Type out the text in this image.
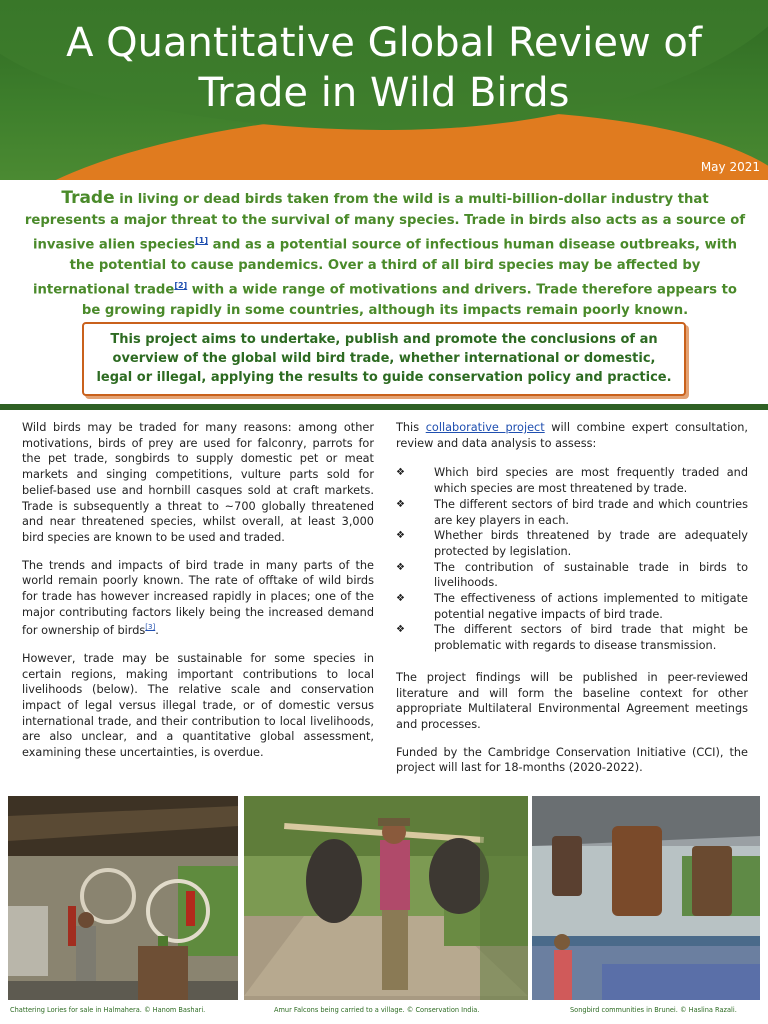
A Quantitative Global Review of
Trade in Wild Birds
May 2021
Trade in living or dead birds taken from the wild is a multi-billion-dollar industry that represents a major threat to the survival of many species. Trade in birds also acts as a source of invasive alien species[1] and as a potential source of infectious human disease outbreaks, with the potential to cause pandemics. Over a third of all bird species may be affected by international trade[2] with a wide range of motivations and drivers. Trade therefore appears to be growing rapidly in some countries, although its impacts remain poorly known.

This project aims to undertake, publish and promote the conclusions of an overview of the global wild bird trade, whether international or domestic, legal or illegal, applying the results to guide conservation policy and practice.

Wild birds may be traded for many reasons: among other motivations, birds of prey are used for falconry, parrots for the pet trade, songbirds to supply domestic pet or meat markets and singing competitions, vulture parts sold for belief-based use and hornbill casques sold at craft markets. Trade is subsequently a threat to ~700 globally threatened and near threatened species, whilst overall, at least 3,000 bird species are known to be used and traded.

The trends and impacts of bird trade in many parts of the world remain poorly known. The rate of offtake of wild birds for trade has however increased rapidly in places; one of the major contributing factors likely being the increased demand for ownership of birds[3].

However, trade may be sustainable for some species in certain regions, making important contributions to local livelihoods (below). The relative scale and conservation impact of legal versus illegal trade, or of domestic versus international trade, and their contribution to local livelihoods, are also unclear, and a quantitative global assessment, examining these uncertainties, is overdue.

This collaborative project will combine expert consultation, review and data analysis to assess:

❖	Which bird species are most frequently traded and which species are most threatened by trade.
❖	The different sectors of bird trade and which countries are key players in each.
❖	Whether birds threatened by trade are adequately protected by legislation.
❖	The contribution of sustainable trade in birds to livelihoods.
❖	The effectiveness of actions implemented to mitigate potential negative impacts of bird trade.
❖	The different sectors of bird trade that might be problematic with regards to disease transmission.

The project findings will be published in peer-reviewed literature and will form the baseline context for other appropriate Multilateral Environmental Agreement meetings and processes.

Funded by the Cambridge Conservation Initiative (CCI), the project will last for 18-months (2020-2022).

Chattering Lories for sale in Halmahera. © Hanom Bashari.	Amur Falcons being carried to a village. © Conservation India.	Songbird communities in Brunei. © Haslina Razali.
